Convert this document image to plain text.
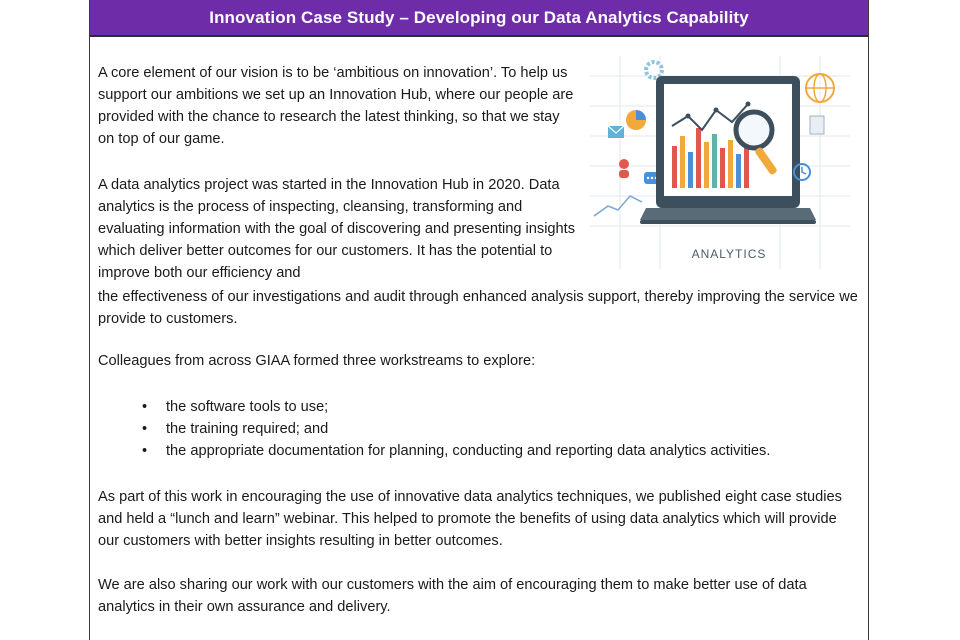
Innovation Case Study – Developing our Data Analytics Capability
A core element of our vision is to be ‘ambitious on innovation’. To help us support our ambitions we set up an Innovation Hub, where our people are provided with the chance to research the latest thinking, so that we stay on top of our game.
A data analytics project was started in the Innovation Hub in 2020. Data analytics is the process of inspecting, cleansing, transforming and evaluating information with the goal of discovering and presenting insights which deliver better outcomes for our customers. It has the potential to improve both our efficiency and
the effectiveness of our investigations and audit through enhanced analysis support, thereby improving the service we provide to customers.
Colleagues from across GIAA formed three workstreams to explore:
• the software tools to use;
• the training required; and
• the appropriate documentation for planning, conducting and reporting data analytics activities.
As part of this work in encouraging the use of innovative data analytics techniques, we published eight case studies and held a “lunch and learn” webinar. This helped to promote the benefits of using data analytics which will provide our customers with better insights resulting in better outcomes.
We are also sharing our work with our customers with the aim of encouraging them to make better use of data analytics in their own assurance and delivery.
ANALYTICS
